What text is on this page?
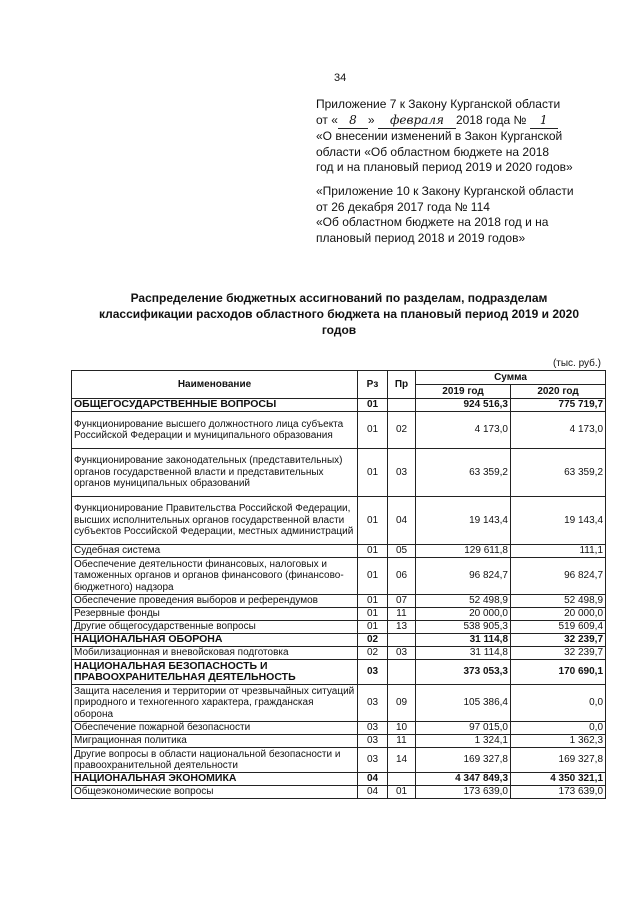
34
Приложение 7 к Закону Курганской области
от « 8 » февраля 2018 года № 1
«О внесении изменений в Закон Курганской
области «Об областном бюджете на 2018
год и на плановый период 2019 и 2020 годов»
«Приложение 10 к Закону Курганской области
от 26 декабря 2017 года № 114
«Об областном бюджете на 2018 год и на
плановый период 2018 и 2019 годов»
Распределение бюджетных ассигнований по разделам, подразделам
классификации расходов областного бюджета на плановый период 2019 и 2020
годов
(тыс. руб.)
Наименование	Рз	Пр	Сумма	
			2019 год	2020 год
ОБЩЕГОСУДАРСТВЕННЫЕ ВОПРОСЫ	01		924 516,3	775 719,7
Функционирование высшего должностного лица субъекта Российской Федерации и муниципального образования	01	02	4 173,0	4 173,0
Функционирование законодательных (представительных) органов государственной власти и представительных органов муниципальных образований	01	03	63 359,2	63 359,2
Функционирование Правительства Российской Федерации, высших исполнительных органов государственной власти субъектов Российской Федерации, местных администраций	01	04	19 143,4	19 143,4
Судебная система	01	05	129 611,8	111,1
Обеспечение деятельности финансовых, налоговых и таможенных органов и органов финансового (финансово-бюджетного) надзора	01	06	96 824,7	96 824,7
Обеспечение проведения выборов и референдумов	01	07	52 498,9	52 498,9
Резервные фонды	01	11	20 000,0	20 000,0
Другие общегосударственные вопросы	01	13	538 905,3	519 609,4
НАЦИОНАЛЬНАЯ ОБОРОНА	02		31 114,8	32 239,7
Мобилизационная и вневойсковая подготовка	02	03	31 114,8	32 239,7
НАЦИОНАЛЬНАЯ БЕЗОПАСНОСТЬ И ПРАВООХРАНИТЕЛЬНАЯ ДЕЯТЕЛЬНОСТЬ	03		373 053,3	170 690,1
Защита населения и территории от чрезвычайных ситуаций природного и техногенного характера, гражданская оборона	03	09	105 386,4	0,0
Обеспечение пожарной безопасности	03	10	97 015,0	0,0
Миграционная политика	03	11	1 324,1	1 362,3
Другие вопросы в области национальной безопасности и правоохранительной деятельности	03	14	169 327,8	169 327,8
НАЦИОНАЛЬНАЯ ЭКОНОМИКА	04		4 347 849,3	4 350 321,1
Общеэкономические вопросы	04	01	173 639,0	173 639,0
